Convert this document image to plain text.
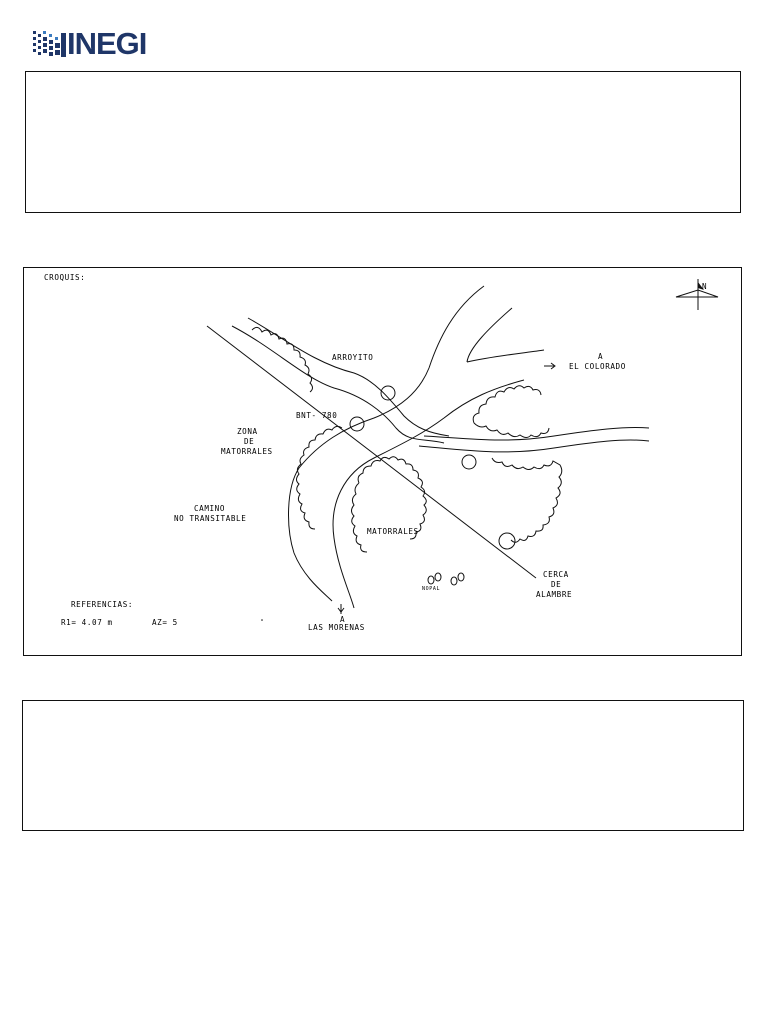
INEGI
N
CROQUIS:
ARROYITO	A
EL COLORADO
BNT- 780
ZONA
DE
MATORRALES
CAMINO
NO TRANSITABLE
MATORRALES
CERCA
DE
ALAMBRE
A
LAS MORENAS
NOPAL
REFERENCIAS:
R1= 4.07 m	AZ= 5
